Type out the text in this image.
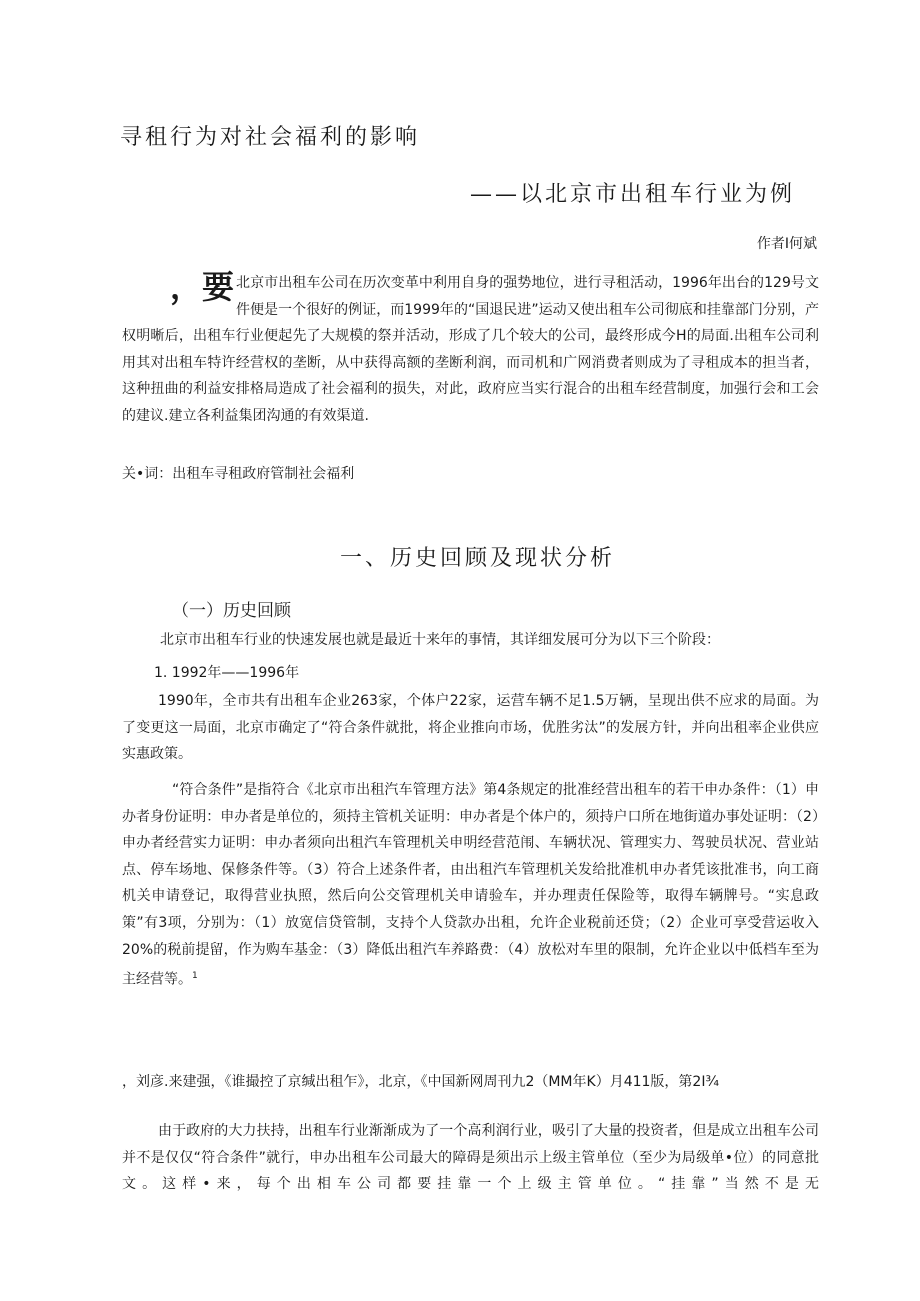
寻租行为对社会福利的影响
——以北京市出租车行业为例
作者I何斌
，要 北京市出租车公司在历次变革中利用自身的强势地位，进行寻租活动，1996年出台的129号文件便是一个很好的例证，而1999年的“国退民进”运动又使出租车公司彻底和挂靠部门分别，产权明晰后，出租车行业便起先了大规模的祭并活动，形成了几个较大的公司，最终形成今H的局面.出租车公司利用其对出租车特许经营权的垄断，从中获得高额的垄断利润，而司机和广网消费者则成为了寻租成本的担当者，这种扭曲的利益安排格局造成了社会福利的损失，对此，政府应当实行混合的出租车经营制度，加强行会和工会的建议.建立各利益集团沟通的有效渠道.
关•词：出租车寻租政府管制社会福利
一、历史回顾及现状分析
（一）历史回顾
北京市出租车行业的快速发展也就是最近十来年的事情，其详细发展可分为以下三个阶段：
1. 1992年——1996年
1990年，全市共有出租车企业263家，个体户22家，运营车辆不足1.5万辆，呈现出供不应求的局面。为了变更这一局面，北京市确定了“符合条件就批，将企业推向市场，优胜劣汰”的发展方针，并向出租率企业供应实惠政策。
“符合条件”是指符合《北京市出租汽车管理方法》第4条规定的批准经营出租车的若干申办条件：（1）申办者身份证明：申办者是单位的，须持主管机关证明：申办者是个体户的，须持户口所在地街道办事处证明：（2）申办者经营实力证明：申办者须向出租汽车管理机关申明经营范闱、车辆状况、管理实力、驾驶员状况、营业站点、停车场地、保修条件等。（3）符合上述条件者，由出租汽车管理机关发给批准机申办者凭该批准书，向工商机关申请登记，取得营业执照，然后向公交管理机关申请验车，并办理责任保险等，取得车辆牌号。“实息政策”有3项，分别为：（1）放宽信贷管制，支持个人贷款办出租，允许企业税前还贷；（2）企业可享受营运收入20%的税前提留，作为购车基金：（3）降低出租汽车养路费：（4）放松对车里的限制，允许企业以中低档车至为主经营等。$^1$
，刘彦.来建强，《谁撮控了京缄出租乍》，北京，《中国新网周刊九2（MM年K）月411版，第2I¾
由于政府的大力扶持，出租车行业渐渐成为了一个高利润行业，吸引了大量的投资者，但是成立出租车公司并不是仅仅“符合条件”就行，申办出租车公司最大的障碍是须出示上级主管单位（至少为局级单•位）的同意批文。这样•来，每个出相车公司都要挂靠一个上级主管单位。“挂靠”当然不是无
